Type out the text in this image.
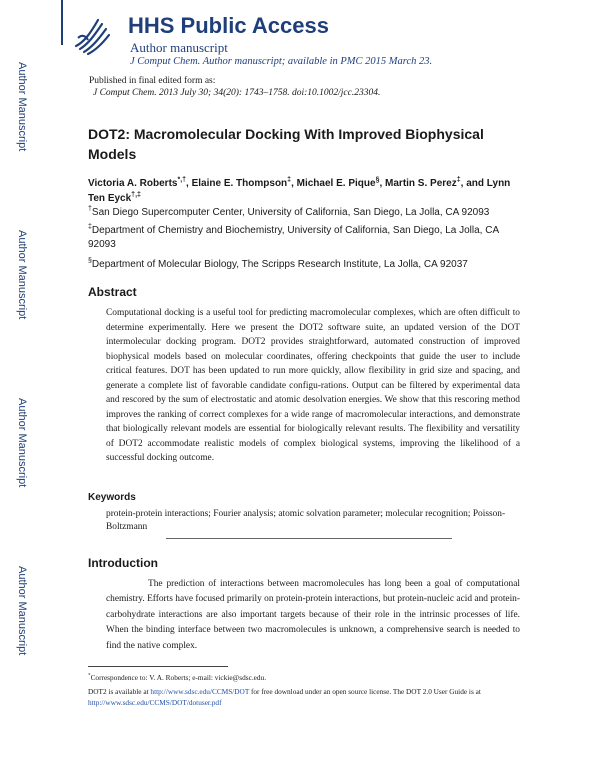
Author Manuscript
Author Manuscript
Author Manuscript
Author Manuscript
HHS Public Access
Author manuscript
J Comput Chem. Author manuscript; available in PMC 2015 March 23.
Published in final edited form as:
J Comput Chem. 2013 July 30; 34(20): 1743–1758. doi:10.1002/jcc.23304.
DOT2: Macromolecular Docking With Improved Biophysical Models
Victoria A. Roberts*,†, Elaine E. Thompson‡, Michael E. Pique§, Martin S. Perez‡, and Lynn Ten Eyck†,‡
†San Diego Supercomputer Center, University of California, San Diego, La Jolla, CA 92093
‡Department of Chemistry and Biochemistry, University of California, San Diego, La Jolla, CA 92093
§Department of Molecular Biology, The Scripps Research Institute, La Jolla, CA 92037
Abstract
Computational docking is a useful tool for predicting macromolecular complexes, which are often difficult to determine experimentally. Here we present the DOT2 software suite, an updated version of the DOT intermolecular docking program. DOT2 provides straightforward, automated construction of improved biophysical models based on molecular coordinates, offering checkpoints that guide the user to include critical features. DOT has been updated to run more quickly, allow flexibility in grid size and spacing, and generate a complete list of favorable candidate configu-rations. Output can be filtered by experimental data and rescored by the sum of electrostatic and atomic desolvation energies. We show that this rescoring method improves the ranking of correct complexes for a wide range of macromolecular interactions, and demonstrate that biologically relevant models are essential for biologically relevant results. The flexibility and versatility of DOT2 accommodate realistic models of complex biological systems, improving the likelihood of a successful docking outcome.
Keywords
protein-protein interactions; Fourier analysis; atomic solvation parameter; molecular recognition; Poisson-Boltzmann
Introduction
The prediction of interactions between macromolecules has long been a goal of computational chemistry. Efforts have focused primarily on protein-protein interactions, but protein-nucleic acid and protein-carbohydrate interactions are also important targets because of their role in the intrinsic processes of life. When the binding interface between two macromolecules is unknown, a comprehensive search is needed to find the native complex.
*Correspondence to: V. A. Roberts; e-mail: vickie@sdsc.edu.
DOT2 is available at http://www.sdsc.edu/CCMS/DOT for free download under an open source license. The DOT 2.0 User Guide is at
http://www.sdsc.edu/CCMS/DOT/dotuser.pdf
